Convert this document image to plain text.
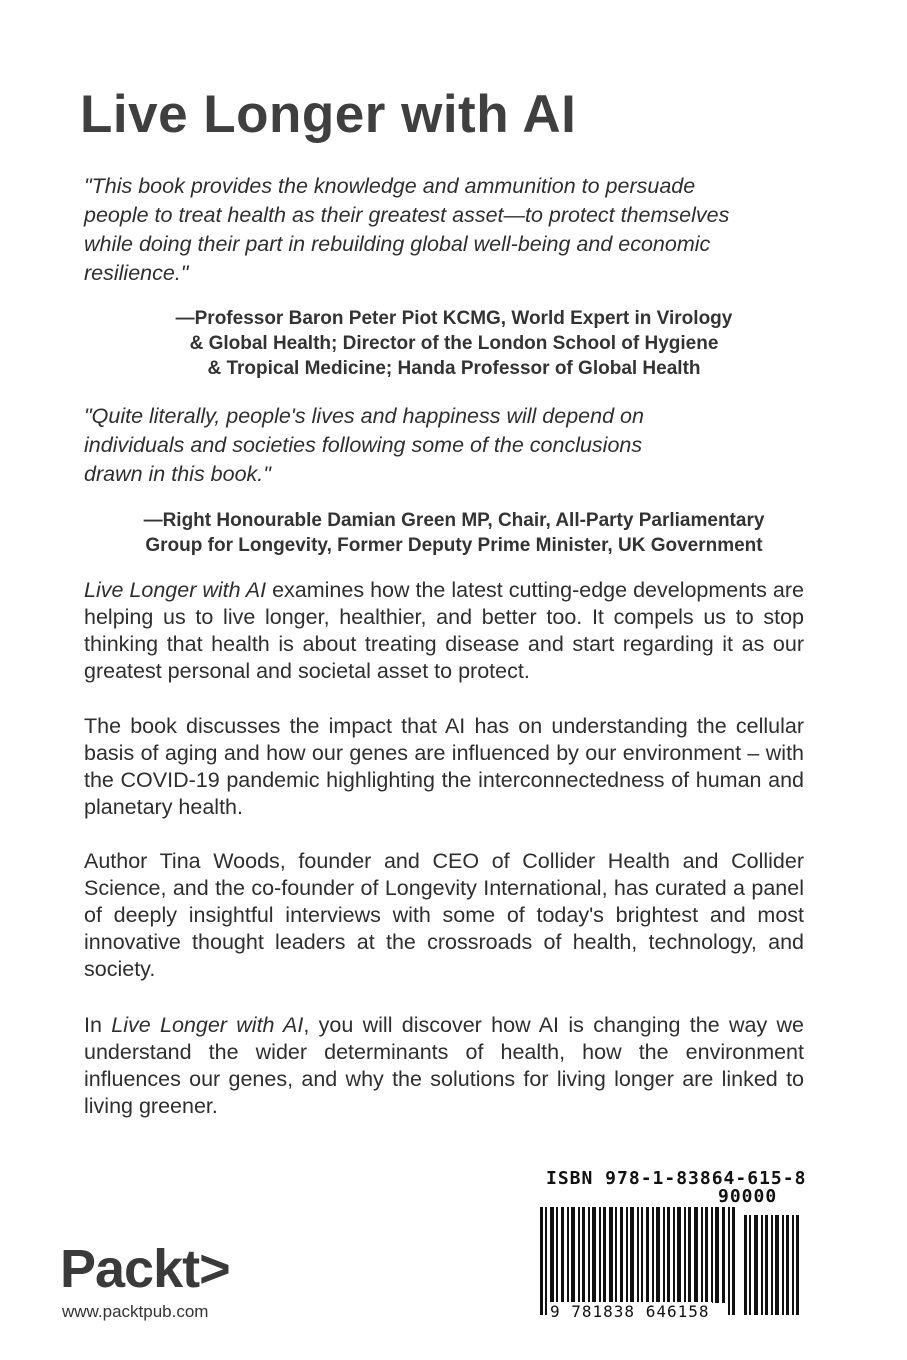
Live Longer with AI
"This book provides the knowledge and ammunition to persuade
people to treat health as their greatest asset—to protect themselves
while doing their part in rebuilding global well-being and economic
resilience."
—Professor Baron Peter Piot KCMG, World Expert in Virology
& Global Health; Director of the London School of Hygiene
& Tropical Medicine; Handa Professor of Global Health
"Quite literally, people's lives and happiness will depend on
individuals and societies following some of the conclusions
drawn in this book."
—Right Honourable Damian Green MP, Chair, All-Party Parliamentary
Group for Longevity, Former Deputy Prime Minister, UK Government

Live Longer with AI examines how the latest cutting-edge developments are helping us to live longer, healthier, and better too. It compels us to stop thinking that health is about treating disease and start regarding it as our greatest personal and societal asset to protect.

The book discusses the impact that AI has on understanding the cellular basis of aging and how our genes are influenced by our environment – with the COVID-19 pandemic highlighting the interconnectedness of human and planetary health.

Author Tina Woods, founder and CEO of Collider Health and Collider Science, and the co-founder of Longevity International, has curated a panel of deeply insightful interviews with some of today's brightest and most innovative thought leaders at the crossroads of health, technology, and society.

In Live Longer with AI, you will discover how AI is changing the way we understand the wider determinants of health, how the environment influences our genes, and why the solutions for living longer are linked to living greener.

Packt>
www.packtpub.com
ISBN 978-1-83864-615-8
90000
9 781838 646158
